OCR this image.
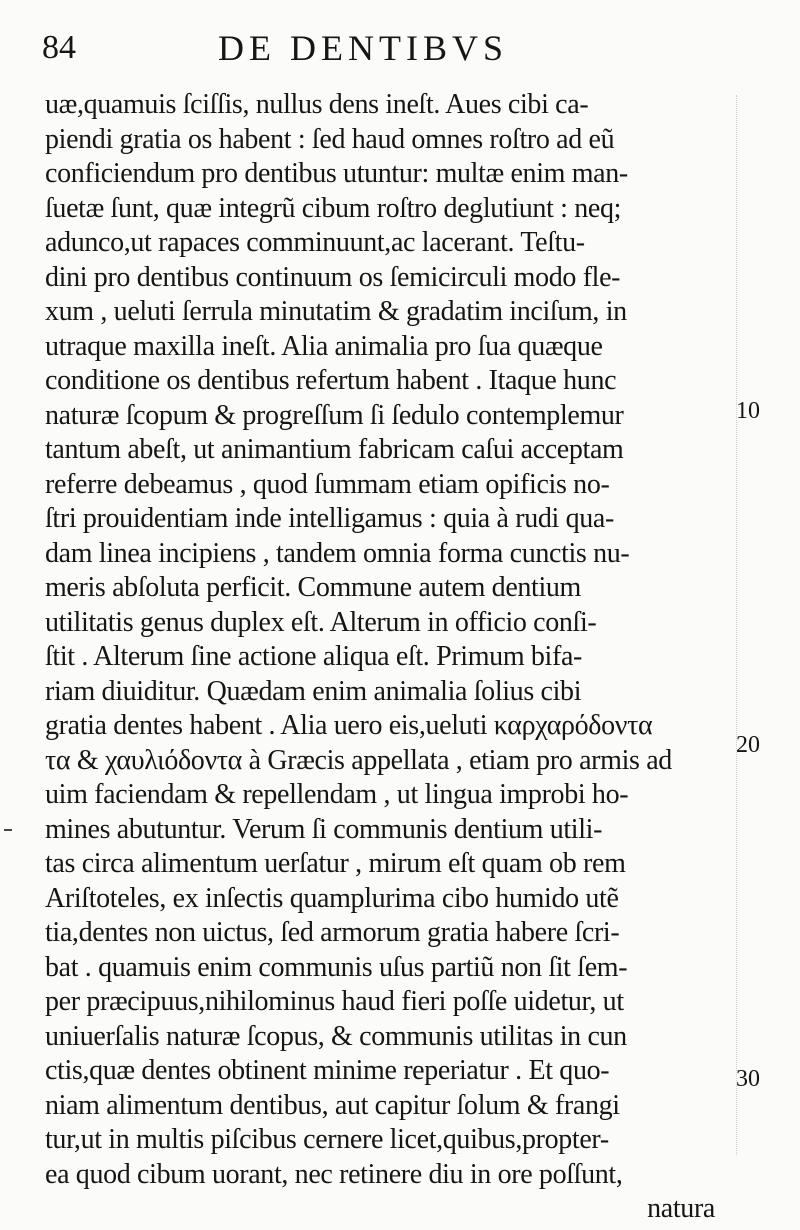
84	DE DENTIBVS
uæ,quamuis ſciſſis, nullus dens ineſt. Aues cibi ca-
piendi gratia os habent : ſed haud omnes roſtro ad eũ
conficiendum pro dentibus utuntur: multæ enim man-
ſuetæ ſunt, quæ integrũ cibum roſtro deglutiunt : neq;
adunco,ut rapaces comminuunt,ac lacerant. Teſtu-
dini pro dentibus continuum os ſemicirculi modo fle-
xum , ueluti ſerrula minutatim & gradatim inciſum, in
utraque maxilla ineſt. Alia animalia pro ſua quæque
conditione os dentibus refertum habent . Itaque hunc
naturæ ſcopum & progreſſum ſi ſedulo contemplemur
tantum abeſt, ut animantium fabricam caſui acceptam
referre debeamus , quod ſummam etiam opificis no-
ſtri prouidentiam inde intelligamus : quia à rudi qua-
dam linea incipiens , tandem omnia forma cunctis nu-
meris abſoluta perficit. Commune autem dentium
utilitatis genus duplex eſt. Alterum in officio conſi-
ſtit . Alterum ſine actione aliqua eſt. Primum bifa-
riam diuiditur. Quædam enim animalia ſolius cibi
gratia dentes habent . Alia uero eis,ueluti καρχαρόδοντα
τα & χαυλιόδοντα à Græcis appellata , etiam pro armis ad
uim faciendam & repellendam , ut lingua improbi ho-
mines abutuntur. Verum ſi communis dentium utili-
tas circa alimentum uerſatur , mirum eſt quam ob rem
Ariſtoteles, ex inſectis quamplurima cibo humido utẽ
tia,dentes non uictus, ſed armorum gratia habere ſcri-
bat . quamuis enim communis uſus partiũ non ſit ſem-
per præcipuus,nihilominus haud fieri poſſe uidetur, ut
uniuerſalis naturæ ſcopus, & communis utilitas in cun
ctis,quæ dentes obtinent minime reperiatur . Et quo-
niam alimentum dentibus, aut capitur ſolum & frangi
tur,ut in multis piſcibus cernere licet,quibus,propter-
ea quod cibum uorant, nec retinere diu in ore poſſunt,
natura
10
20
30
